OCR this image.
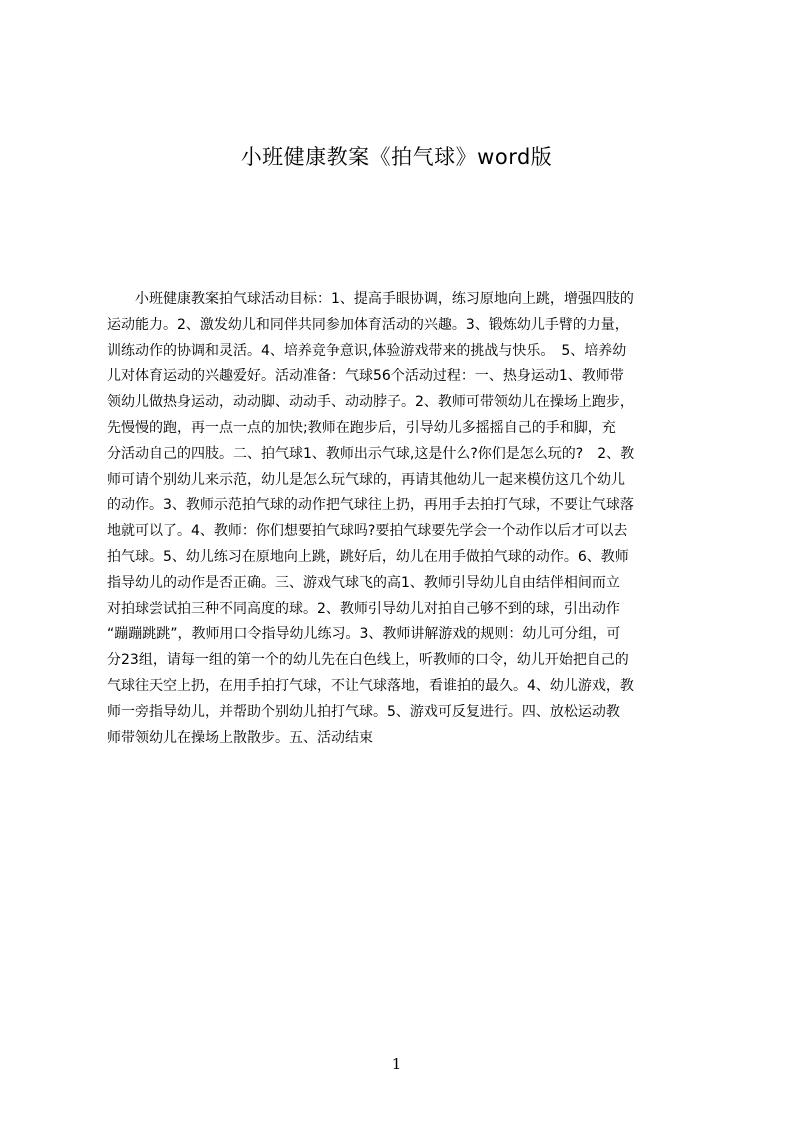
小班健康教案《拍气球》word版
　　小班健康教案拍气球活动目标：1、提高手眼协调，练习原地向上跳，增强四肢的
运动能力。2、激发幼儿和同伴共同参加体育活动的兴趣。3、锻炼幼儿手臂的力量，
训练动作的协调和灵活。4、培养竞争意识,体验游戏带来的挑战与快乐。　5、培养幼
儿对体育运动的兴趣爱好。活动准备：气球56个活动过程：一、热身运动1、教师带
领幼儿做热身运动，动动脚、动动手、动动脖子。2、教师可带领幼儿在操场上跑步，
先慢慢的跑，再一点一点的加快;教师在跑步后，引导幼儿多摇摇自己的手和脚，充
分活动自己的四肢。二、拍气球1、教师出示气球,这是什么?你们是怎么玩的?　2、教
师可请个别幼儿来示范，幼儿是怎么玩气球的，再请其他幼儿一起来模仿这几个幼儿
的动作。3、教师示范拍气球的动作把气球往上扔，再用手去拍打气球，不要让气球落
地就可以了。4、教师：你们想要拍气球吗?要拍气球要先学会一个动作以后才可以去
拍气球。5、幼儿练习在原地向上跳，跳好后，幼儿在用手做拍气球的动作。6、教师
指导幼儿的动作是否正确。三、游戏气球飞的高1、教师引导幼儿自由结伴相间而立
对拍球尝试拍三种不同高度的球。2、教师引导幼儿对拍自己够不到的球，引出动作
“蹦蹦跳跳”，教师用口令指导幼儿练习。3、教师讲解游戏的规则：幼儿可分组，可
分23组，请每一组的第一个的幼儿先在白色线上，听教师的口令，幼儿开始把自己的
气球往天空上扔，在用手拍打气球，不让气球落地，看谁拍的最久。4、幼儿游戏，教
师一旁指导幼儿，并帮助个别幼儿拍打气球。5、游戏可反复进行。四、放松运动教
师带领幼儿在操场上散散步。五、活动结束
1
